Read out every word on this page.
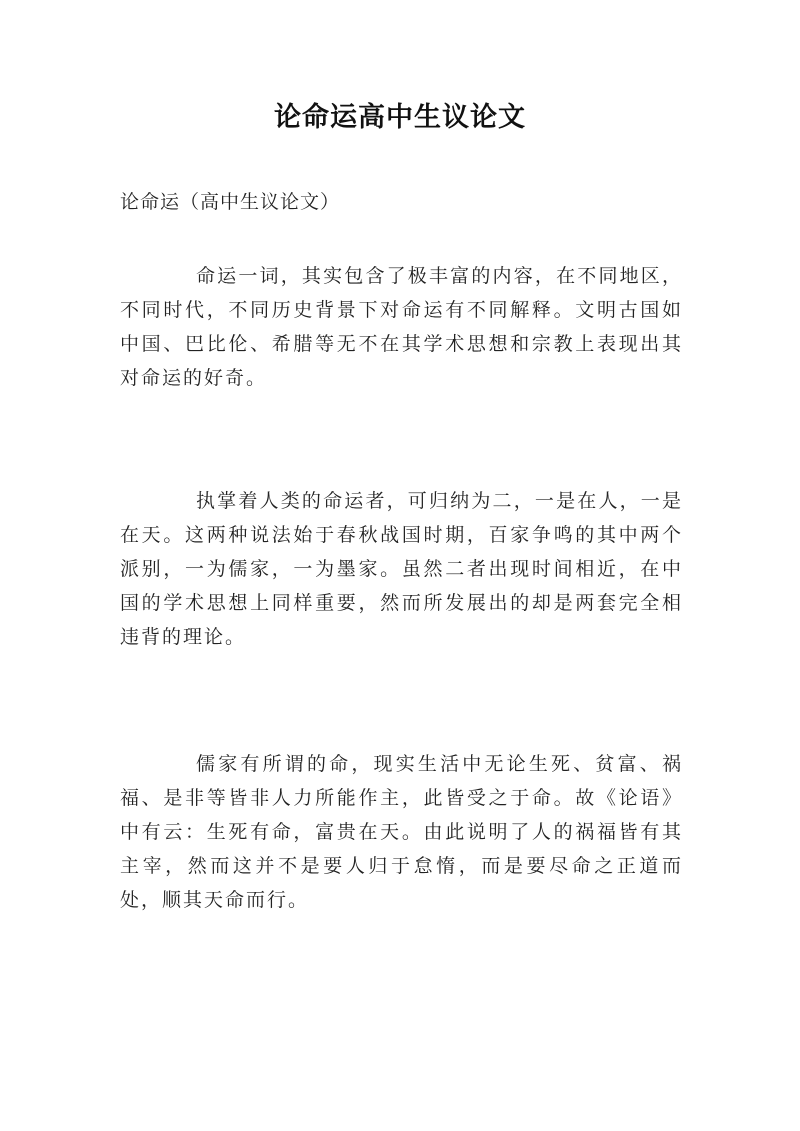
论命运高中生议论文
论命运（高中生议论文）

命运一词，其实包含了极丰富的内容，在不同地区，不同时代，不同历史背景下对命运有不同解释。文明古国如中国、巴比伦、希腊等无不在其学术思想和宗教上表现出其对命运的好奇。

执掌着人类的命运者，可归纳为二，一是在人，一是在天。这两种说法始于春秋战国时期，百家争鸣的其中两个派别，一为儒家，一为墨家。虽然二者出现时间相近，在中国的学术思想上同样重要，然而所发展出的却是两套完全相违背的理论。

儒家有所谓的命，现实生活中无论生死、贫富、祸福、是非等皆非人力所能作主，此皆受之于命。故《论语》中有云：生死有命，富贵在天。由此说明了人的祸福皆有其主宰，然而这并不是要人归于怠惰，而是要尽命之正道而处，顺其天命而行。
